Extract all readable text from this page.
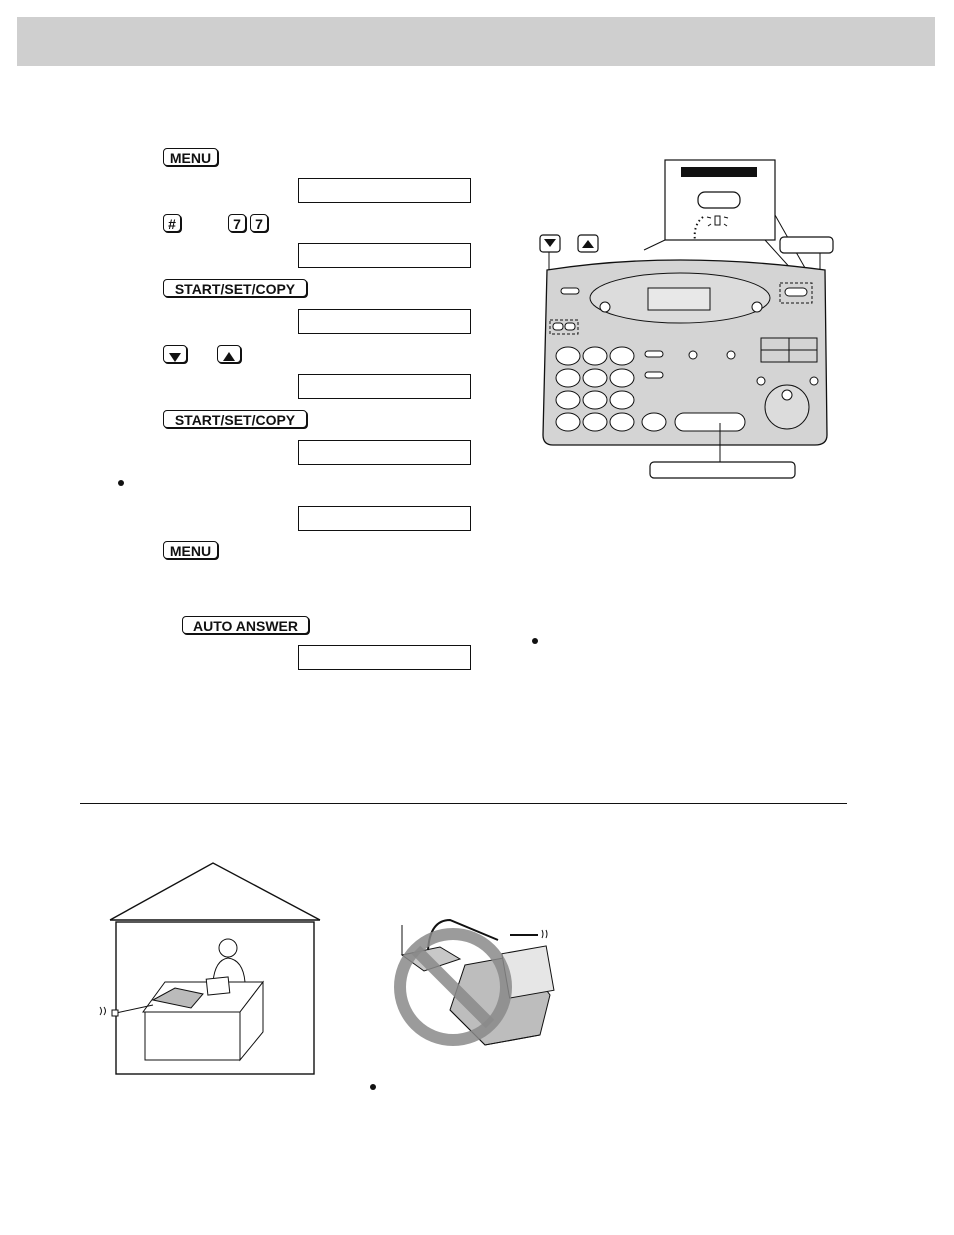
MENU
#	7	7
START/SET/COPY
START/SET/COPY
MENU
AUTO ANSWER
